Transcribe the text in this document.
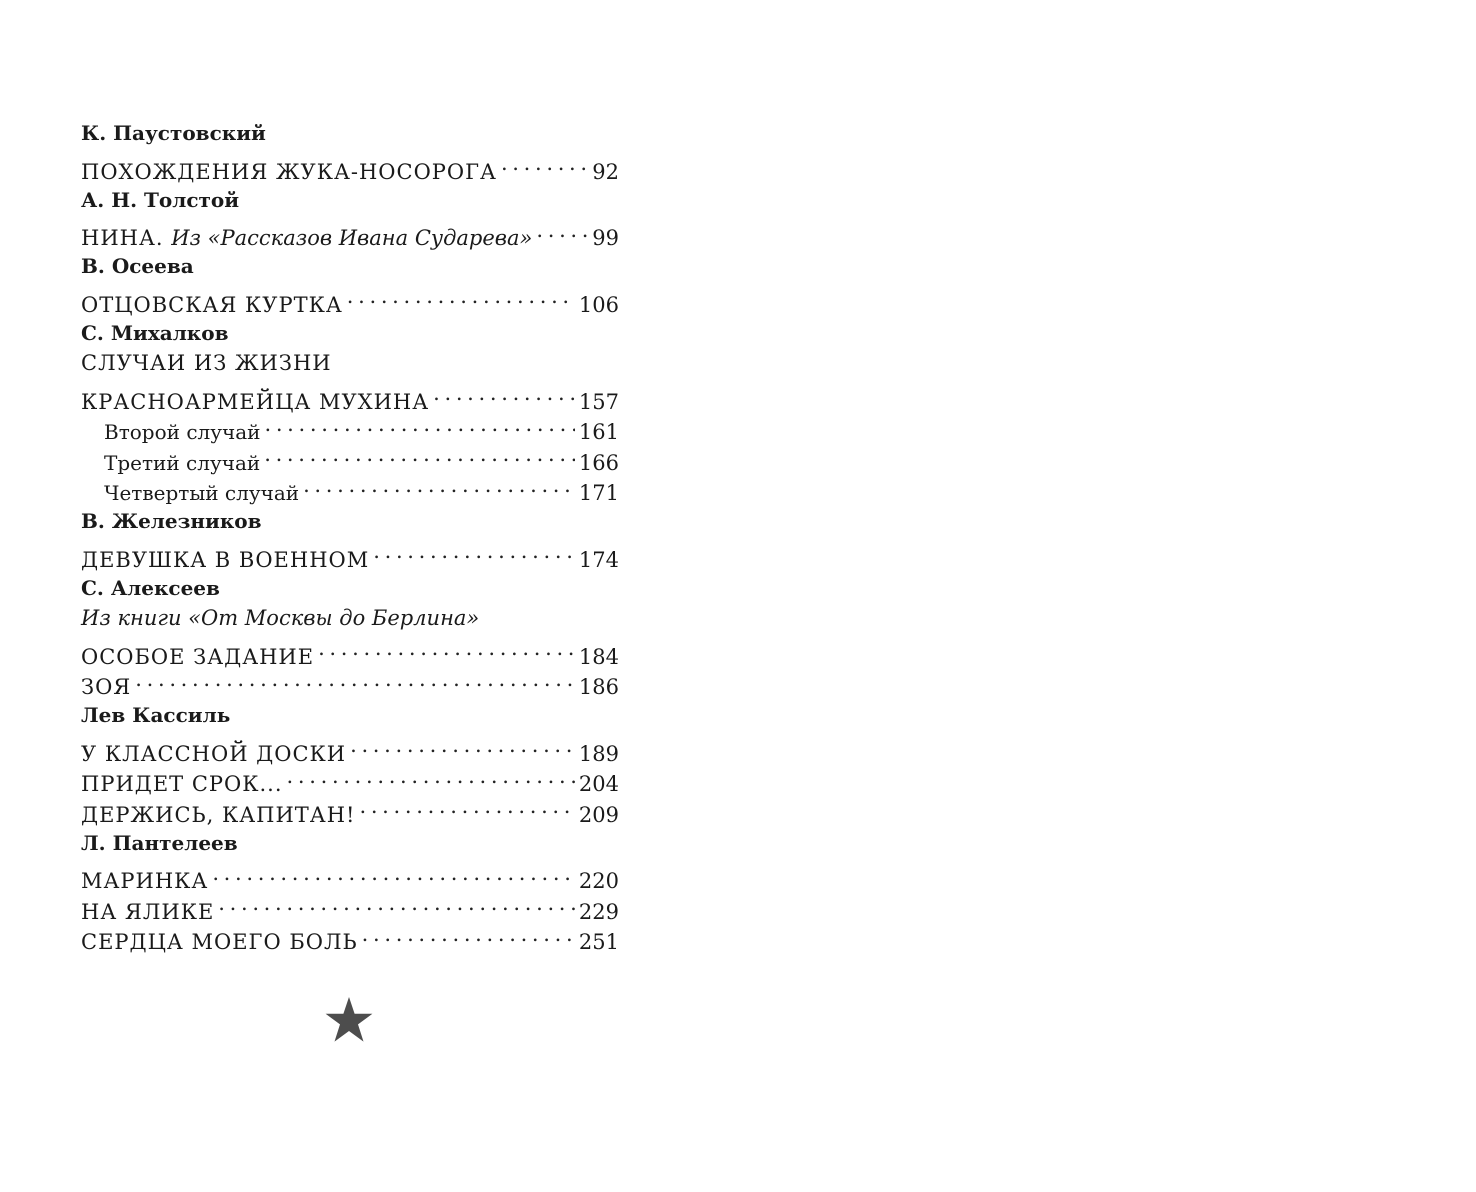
К. Паустовский
ПОХОЖДЕНИЯ ЖУКА-НОСОРОГА . . .	92
А. Н. Толстой
НИНА. Из «Рассказов Ивана Сударева» . . .	99
В. Осеева
ОТЦОВСКАЯ КУРТКА . . .	106
С. Михалков
СЛУЧАИ ИЗ ЖИЗНИ
КРАСНОАРМЕЙЦА МУХИНА . . .	157
Второй случай . . .	161
Третий случай . . .	166
Четвертый случай . . .	171
В. Железников
ДЕВУШКА В ВОЕННОМ . . .	174
С. Алексеев
Из книги «От Москвы до Берлина»
ОСОБОЕ ЗАДАНИЕ . . .	184
ЗОЯ . . .	186
Лев Кассиль
У КЛАССНОЙ ДОСКИ . . .	189
ПРИДЕТ СРОК... . . .	204
ДЕРЖИСЬ, КАПИТАН! . . .	209
Л. Пантелеев
МАРИНКА . . .	220
НА ЯЛИКЕ . . .	229
СЕРДЦА МОЕГО БОЛЬ . . .	251
